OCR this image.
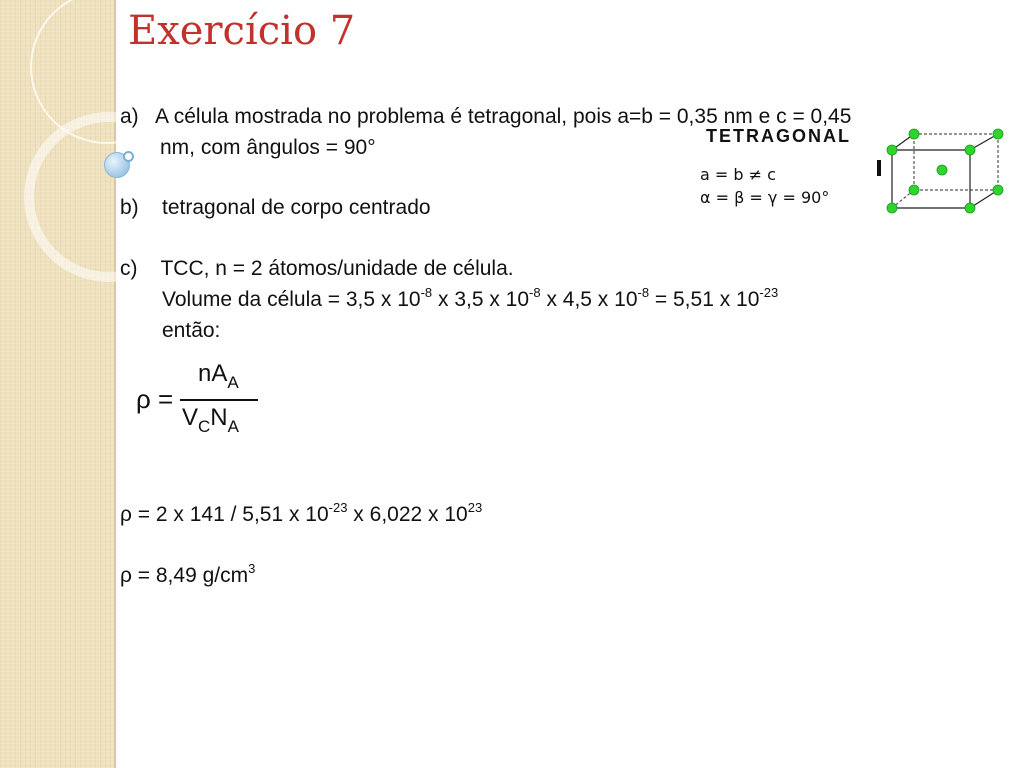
Exercício 7
a) A célula mostrada no problema é tetragonal, pois a=b = 0,35 nm e c = 0,45
nm, com ângulos = 90°
b) tetragonal de corpo centrado
c) TCC, n = 2 átomos/unidade de célula.
Volume da célula = 3,5 x $10^{-8}$ x 3,5 x $10^{-8}$ x 4,5 x $10^{-8} = 5,51$ x $10^{-23}$
então:
ρ =
$nA_A$
$V_CN_A$
ρ = 2 x 141 / 5,51 x $10^{-23}$ x 6,022 x $10^{23}$
ρ = 8,49 $g/cm^3$
TETRAGONAL
a = b ≠ c
α = β = γ = 90°
